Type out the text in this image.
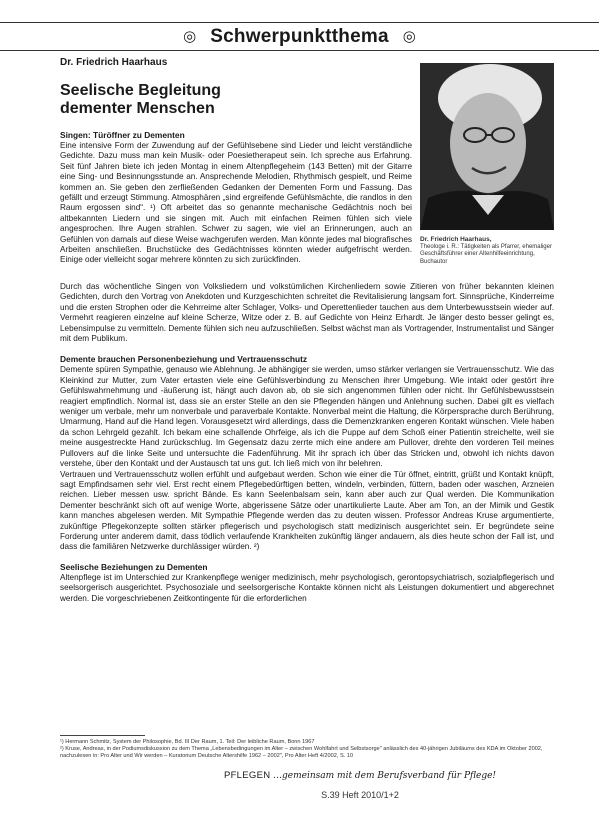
◎ Schwerpunktthema ◎
Dr. Friedrich Haarhaus
Seelische Begleitung
dementer Menschen
Dr. Friedrich Haarhaus,
Theologe i. R.: Tätigkeiten als Pfarrer, ehemaliger Geschäftsführer einer Altenhilfeeinrichtung, Buchautor

Singen: Türöffner zu Dementen

Eine intensive Form der Zuwendung auf der Gefühlsebene sind Lieder und leicht verständliche Gedichte. Dazu muss man kein Musik- oder Poesietherapeut sein. Ich spreche aus Erfahrung. Seit fünf Jahren biete ich jeden Montag in einem Altenpflegeheim (143 Betten) mit der Gitarre eine Sing- und Besinnungsstunde an. Ansprechende Melodien, Rhythmisch gespielt, und Reime kommen an. Sie geben den zerfließenden Gedanken der Dementen Form und Fassung. Das gefällt und erzeugt Stimmung. Atmosphären „sind ergreifende Gefühlsmächte, die randlos in den Raum ergossen sind“. ¹) Oft arbeitet das so genannte mechanische Gedächtnis noch bei altbekannten Liedern und sie singen mit. Auch mit einfachen Reimen fühlen sich viele angesprochen. Ihre Augen strahlen. Schwer zu sagen, wie viel an Erinnerungen, auch an Gefühlen von damals auf diese Weise wachgerufen werden. Man könnte jedes mal biografisches Arbeiten anschließen. Bruchstücke des Gedächtnisses könnten wieder aufgefrischt werden. Einige oder vielleicht sogar mehrere könnten zu sich zurückfinden.

Durch das wöchentliche Singen von Volksliedern und volkstümlichen Kirchenliedern sowie Zitieren von früher bekannten kleinen Gedichten, durch den Vortrag von Anekdoten und Kurzgeschichten schreitet die Revitalisierung langsam fort. Sinnsprüche, Kinderreime und die ersten Strophen oder die Kehrreime alter Schlager, Volks- und Operettenlieder tauchen aus dem Unterbewusstsein wieder auf. Vermehrt reagieren einzelne auf kleine Scherze, Witze oder z. B. auf Gedichte von Heinz Erhardt. Je länger desto besser gelingt es, Lebensimpulse zu vermitteln. Demente fühlen sich neu aufzuschließen. Selbst wächst man als Vortragender, Instrumentalist und Sänger mit dem Publikum.

Demente brauchen Personenbeziehung und Vertrauensschutz

Demente spüren Sympathie, genauso wie Ablehnung. Je abhängiger sie werden, umso stärker verlangen sie Vertrauensschutz. Wie das Kleinkind zur Mutter, zum Vater ertasten viele eine Gefühlsverbindung zu Menschen ihrer Umgebung. Wie intakt oder gestört ihre Gefühlswahrnehmung und -äußerung ist, hängt auch davon ab, ob sie sich angenommen fühlen oder nicht. Ihr Gefühlsbewusstsein reagiert empfindlich. Normal ist, dass sie an erster Stelle an den sie Pflegenden hängen und Anlehnung suchen. Dabei gilt es vielfach weniger um verbale, mehr um nonverbale und paraverbale Kontakte. Nonverbal meint die Haltung, die Körpersprache durch Berührung, Umarmung, Hand auf die Hand legen. Vorausgesetzt wird allerdings, dass die Demenzkranken engeren Kontakt wünschen. Viele haben da schon Lehrgeld gezahlt. Ich bekam eine schallende Ohrfeige, als ich die Puppe auf dem Schoß einer Patientin streichelte, weil sie meine ausgestreckte Hand zurückschlug. Im Gegensatz dazu zerrte mich eine andere am Pullover, drehte den vorderen Teil meines Pullovers auf die linke Seite und untersuchte die Fadenführung. Mit ihr sprach ich über das Stricken und, obwohl ich nichts davon verstehe, über den Kontakt und der Austausch tat uns gut. Ich ließ mich von ihr belehren.

Vertrauen und Vertrauensschutz wollen erfühlt und aufgebaut werden. Schon wie einer die Tür öffnet, eintritt, grüßt und Kontakt knüpft, sagt Empfindsamen sehr viel. Erst recht einem Pflegebedürftigen betten, windeln, verbinden, füttern, baden oder waschen, Arzneien reichen. Lieber messen usw. spricht Bände. Es kann Seelenbalsam sein, kann aber auch zur Qual werden. Die Kommunikation Dementer beschränkt sich oft auf wenige Worte, abgerissene Sätze oder unartikulierte Laute. Aber am Ton, an der Mimik und Gestik kann manches abgelesen werden. Mit Sympathie Pflegende werden das zu deuten wissen. Professor Andreas Kruse argumentierte, zukünftige Pflegekonzepte sollten stärker pflegerisch und psychologisch statt medizinisch ausgerichtet sein. Er begründete seine Forderung unter anderem damit, dass tödlich verlaufende Krankheiten zukünftig länger andauern, als dies heute schon der Fall ist, und dass die familiären Netzwerke durchlässiger würden. ²)

Seelische Beziehungen zu Dementen

Altenpflege ist im Unterschied zur Krankenpflege weniger medizinisch, mehr psychologisch, gerontopsychiatrisch, sozialpflegerisch und seelsorgerisch ausgerichtet. Psychosoziale und seelsorgerische Kontakte können nicht als Leistungen dokumentiert und abgerechnet werden. Die vorgeschriebenen Zeitkontingente für die erforderlichen

¹) Hermann Schmitz, System der Philosophie, Bd. III Der Raum, 1. Teil: Der leibliche Raum, Bonn 1967
²) Kruse, Andreas, in der Podiumsdiskussion zu dem Thema „Lebensbedingungen im Alter – zwischen Wohlfahrt und Selbstsorge" anlässlich des 40-jährigen Jubiläums des KDA im Oktober 2002, nachzulesen in: Pro Alter und Wir werden – Kuratorium Deutsche Altershilfe 1962 – 2002", Pro Alter Heft 4/2002, S. 10
PFLEGEN …gemeinsam mit dem Berufsverband für Pflege!
S.39 Heft 2010/1+2
